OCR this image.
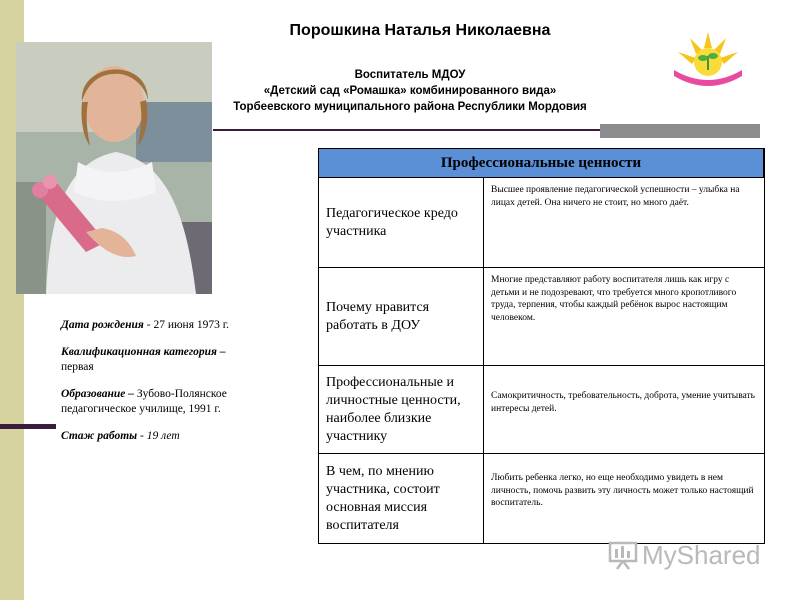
Порошкина Наталья Николаевна
Воспитатель МДОУ
«Детский сад «Ромашка» комбинированного вида»
Торбеевского муниципального района Республики Мордовия

Дата рождения - 27 июня 1973 г.

Квалификационная категория –
первая

Образование – Зубово-Полянское педагогическое училище, 1991 г.

Стаж работы - 19 лет

Профессиональные ценности
Педагогическое кредо участника
Высшее проявление педагогической успешности – улыбка на лицах детей. Она ничего не стоит, но много даёт.
Почему нравится работать в ДОУ
Многие представляют работу воспитателя лишь как игру с детьми и не подозревают, что требуется много кропотливого труда, терпения, чтобы каждый ребёнок вырос настоящим человеком.
Профессиональные и личностные ценности, наиболее близкие участнику
Самокритичность, требовательность, доброта, умение учитывать интересы детей.
В чем, по мнению участника, состоит основная миссия воспитателя
Любить ребенка легко, но еще необходимо увидеть в нем личность, помочь развить эту личность может только настоящий воспитатель.
MyShared
